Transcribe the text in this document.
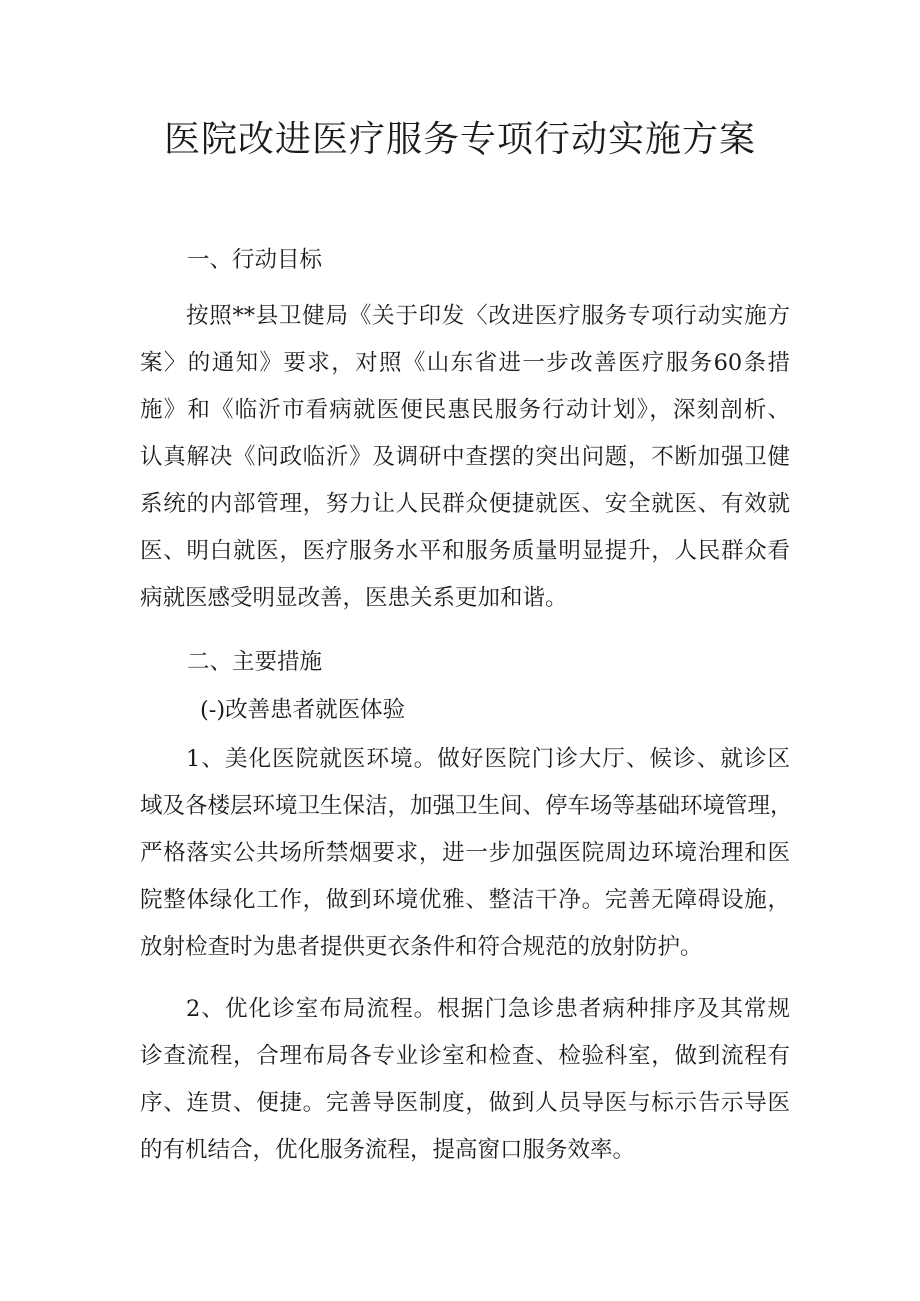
医院改进医疗服务专项行动实施方案

一、行动目标

按照**县卫健局《关于印发〈改进医疗服务专项行动实施方
案〉的通知》要求，对照《山东省进一步改善医疗服务60条措
施》和《临沂市看病就医便民惠民服务行动计划》，深刻剖析、
认真解决《问政临沂》及调研中查摆的突出问题，不断加强卫健
系统的内部管理，努力让人民群众便捷就医、安全就医、有效就
医、明白就医，医疗服务水平和服务质量明显提升，人民群众看
病就医感受明显改善，医患关系更加和谐。

二、主要措施

(-)改善患者就医体验

1、美化医院就医环境。做好医院门诊大厅、候诊、就诊区
域及各楼层环境卫生保洁，加强卫生间、停车场等基础环境管理，
严格落实公共场所禁烟要求，进一步加强医院周边环境治理和医
院整体绿化工作，做到环境优雅、整洁干净。完善无障碍设施，
放射检查时为患者提供更衣条件和符合规范的放射防护。
2、优化诊室布局流程。根据门急诊患者病种排序及其常规
诊查流程，合理布局各专业诊室和检查、检验科室，做到流程有
序、连贯、便捷。完善导医制度，做到人员导医与标示告示导医
的有机结合，优化服务流程，提高窗口服务效率。
